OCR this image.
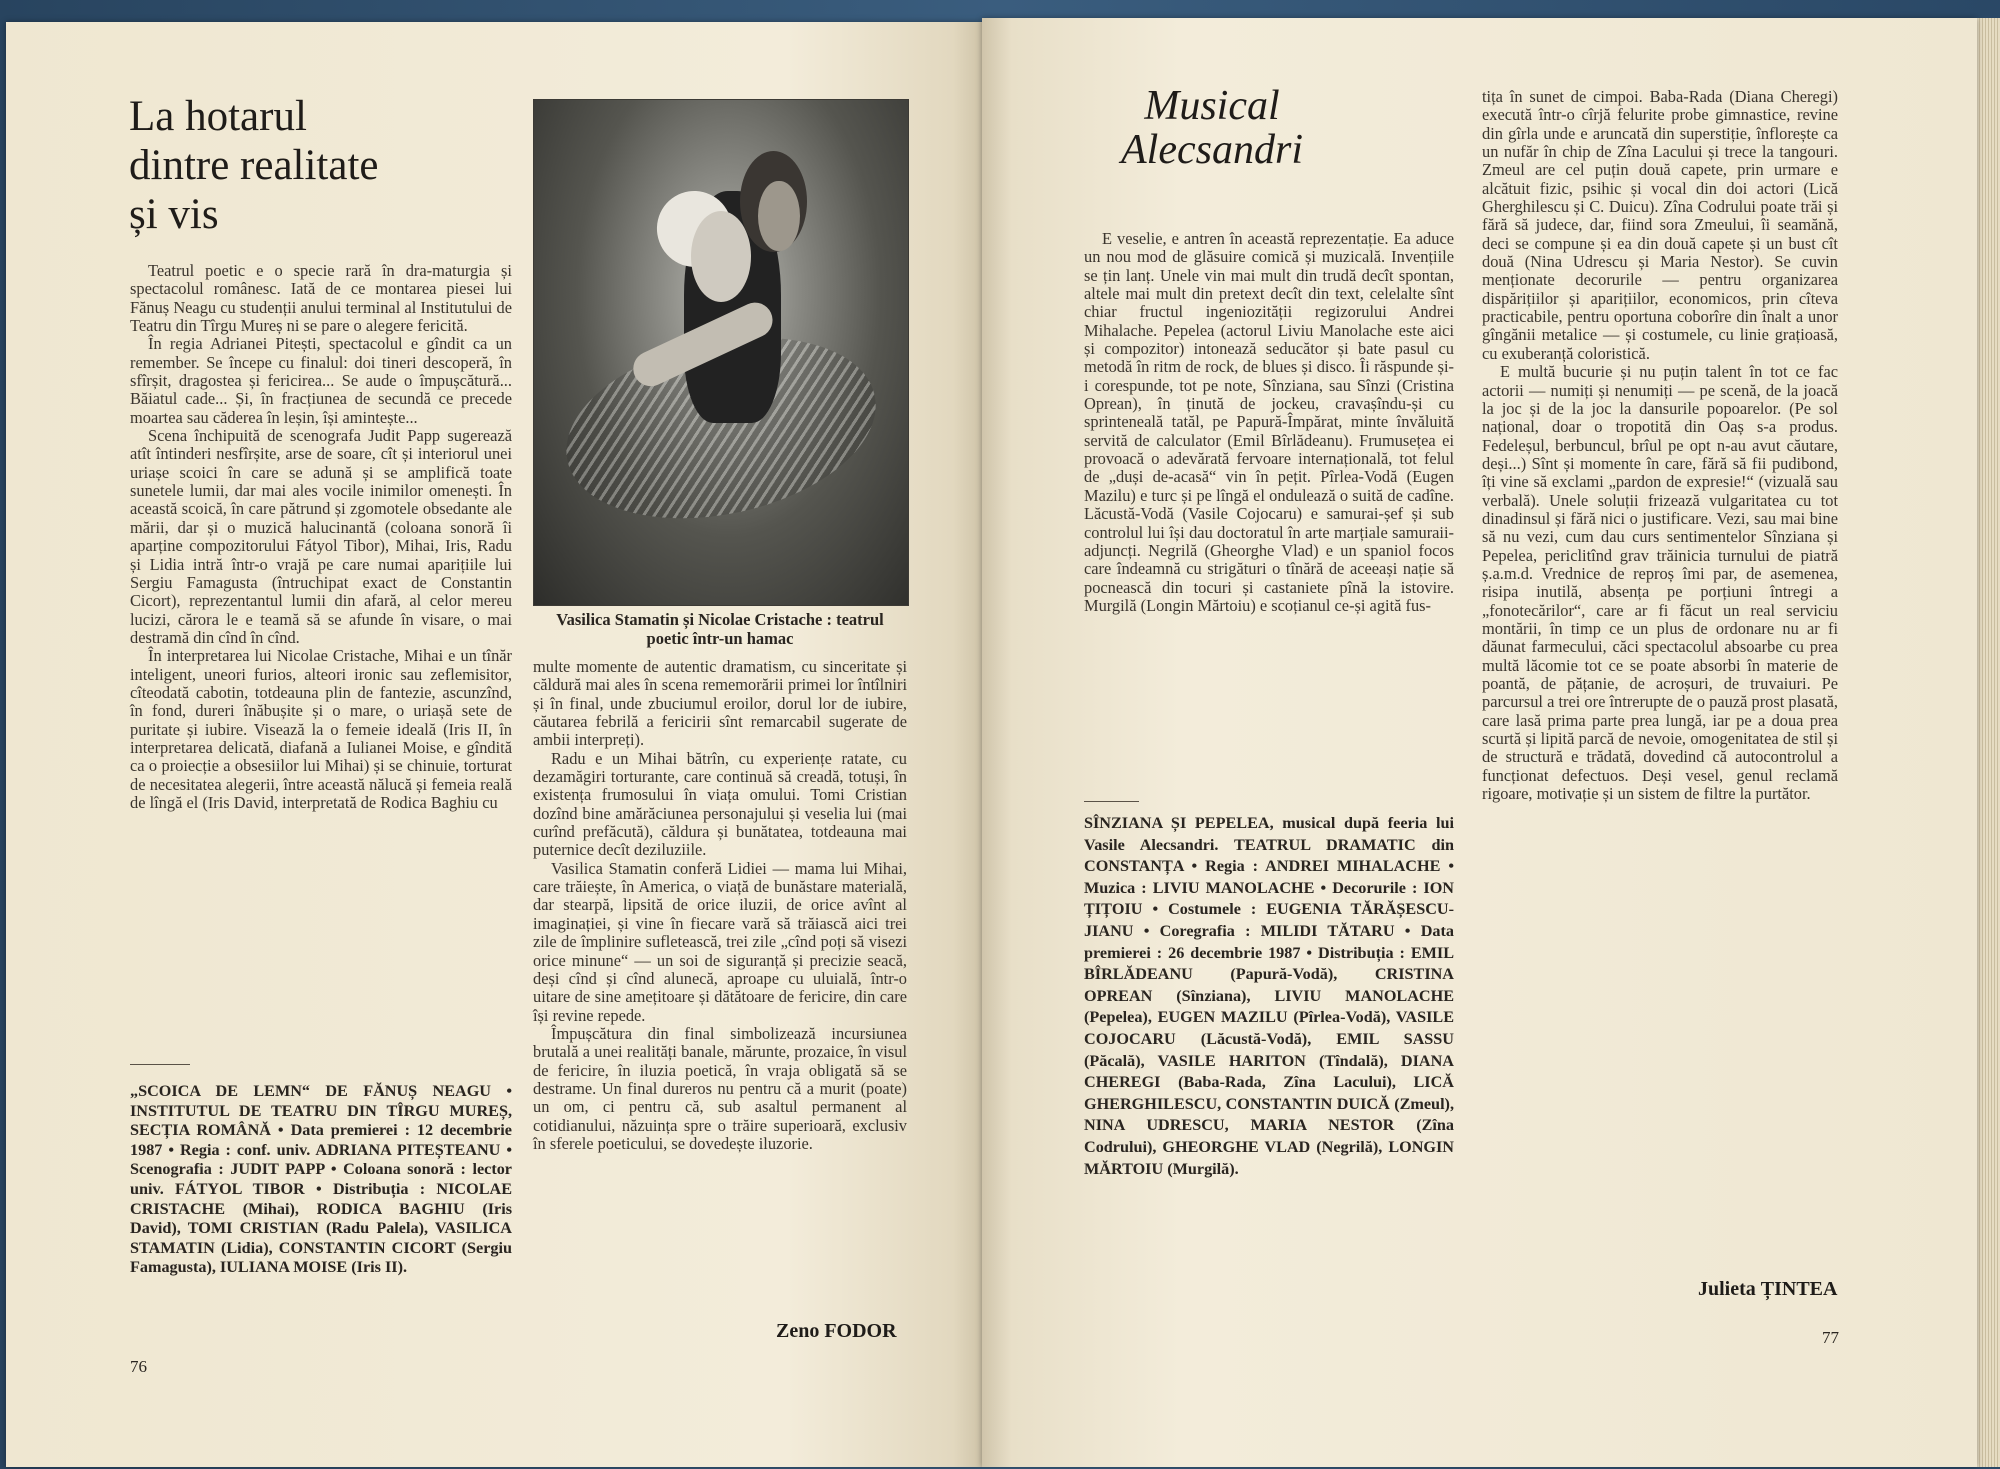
La hotarul
dintre realitate
și vis

Teatrul poetic e o specie rară în dra-maturgia și spectacolul românesc. Iată de ce montarea piesei lui Fănuș Neagu cu studenții anului terminal al Institutului de Teatru din Tîrgu Mureș ni se pare o alegere fericită.

În regia Adrianei Pitești, spectacolul e gîndit ca un remember. Se începe cu finalul: doi tineri descoperă, în sfîrșit, dragostea și fericirea... Se aude o împușcătură... Băiatul cade... Și, în fracțiunea de secundă ce precede moartea sau căderea în leșin, își amintește...

Scena închipuită de scenografa Judit Papp sugerează atît întinderi nesfîrșite, arse de soare, cît și interiorul unei uriașe scoici în care se adună și se amplifică toate sunetele lumii, dar mai ales vocile inimilor omenești. În această scoică, în care pătrund și zgomotele obsedante ale mării, dar și o muzică halucinantă (coloana sonoră îi aparține compozitorului Fátyol Tibor), Mihai, Iris, Radu și Lidia intră într-o vrajă pe care numai aparițiile lui Sergiu Famagusta (întruchipat exact de Constantin Cicort), reprezentantul lumii din afară, al celor mereu lucizi, cărora le e teamă să se afunde în visare, o mai destramă din cînd în cînd.

În interpretarea lui Nicolae Cristache, Mihai e un tînăr inteligent, uneori furios, alteori ironic sau zeflemisitor, cîteodată cabotin, totdeauna plin de fantezie, ascunzînd, în fond, dureri înăbușite și o mare, o uriașă sete de puritate și iubire. Visează la o femeie ideală (Iris II, în interpretarea delicată, diafană a Iulianei Moise, e gîndită ca o proiecție a obsesiilor lui Mihai) și se chinuie, torturat de necesitatea alegerii, între această nălucă și femeia reală de lîngă el (Iris David, interpretată de Rodica Baghiu cu

„SCOICA DE LEMN“ DE FĂNUȘ NEAGU • INSTITUTUL DE TEATRU DIN TÎRGU MUREȘ, SECȚIA ROMÂNĂ • Data premierei : 12 decembrie 1987 • Regia : conf. univ. ADRIANA PITEȘTEANU • Scenografia : JUDIT PAPP • Coloana sonoră : lector univ. FÁTYOL TIBOR • Distribuția : NICOLAE CRISTACHE (Mihai), RODICA BAGHIU (Iris David), TOMI CRISTIAN (Radu Palela), VASILICA STAMATIN (Lidia), CONSTANTIN CICORT (Sergiu Famagusta), IULIANA MOISE (Iris II).
76
Vasilica Stamatin și Nicolae Cristache : teatrul poetic într-un hamac

multe momente de autentic dramatism, cu sinceritate și căldură mai ales în scena rememorării primei lor întîlniri și în final, unde zbuciumul eroilor, dorul lor de iubire, căutarea febrilă a fericirii sînt remarcabil sugerate de ambii interpreți).

Radu e un Mihai bătrîn, cu experiențe ratate, cu dezamăgiri torturante, care continuă să creadă, totuși, în existența frumosului în viața omului. Tomi Cristian dozînd bine amărăciunea personajului și veselia lui (mai curînd prefăcută), căldura și bunătatea, totdeauna mai puternice decît deziluziile.

Vasilica Stamatin conferă Lidiei — mama lui Mihai, care trăiește, în America, o viață de bunăstare materială, dar stearpă, lipsită de orice iluzii, de orice avînt al imaginației, și vine în fiecare vară să trăiască aici trei zile de împlinire sufletească, trei zile „cînd poți să visezi orice minune“ — un soi de siguranță și precizie seacă, deși cînd și cînd alunecă, aproape cu uluială, într-o uitare de sine amețitoare și dătătoare de fericire, din care își revine repede.

Împușcătura din final simbolizează incursiunea brutală a unei realități banale, mărunte, prozaice, în visul de fericire, în iluzia poetică, în vraja obligată să se destrame. Un final dureros nu pentru că a murit (poate) un om, ci pentru că, sub asaltul permanent al cotidianului, năzuința spre o trăire superioară, exclusiv în sferele poeticului, se dovedește iluzorie.

Zeno FODOR
Musical
Alecsandri

E veselie, e antren în această reprezentație. Ea aduce un nou mod de glăsuire comică și muzicală. Invențiile se țin lanț. Unele vin mai mult din trudă decît spontan, altele mai mult din pretext decît din text, celelalte sînt chiar fructul ingeniozității regizorului Andrei Mihalache. Pepelea (actorul Liviu Manolache este aici și compozitor) intonează seducător și bate pasul cu metodă în ritm de rock, de blues și disco. Îi răspunde și-i corespunde, tot pe note, Sînziana, sau Sînzi (Cristina Oprean), în ținută de jockeu, cravașîndu-și cu sprinteneală tatăl, pe Papură-Împărat, minte învăluită servită de calculator (Emil Bîrlădeanu). Frumusețea ei provoacă o adevărată fervoare internațională, tot felul de „duși de-acasă“ vin în pețit. Pîrlea-Vodă (Eugen Mazilu) e turc și pe lîngă el ondulează o suită de cadîne. Lăcustă-Vodă (Vasile Cojocaru) e samurai-șef și sub controlul lui își dau doctoratul în arte marțiale samuraii-adjuncți. Negrilă (Gheorghe Vlad) e un spaniol focos care îndeamnă cu strigături o tînără de aceeași nație să pocnească din tocuri și castaniete pînă la istovire. Murgilă (Longin Mărtoiu) e scoțianul ce-și agită fus-

SÎNZIANA ȘI PEPELEA, musical după feeria lui Vasile Alecsandri. TEATRUL DRAMATIC din CONSTANȚA • Regia : ANDREI MIHALACHE • Muzica : LIVIU MANOLACHE • Decorurile : ION ȚIȚOIU • Costumele : EUGENIA TĂRĂȘESCU-JIANU • Coregrafia : MILIDI TĂTARU • Data premierei : 26 decembrie 1987 • Distribuția : EMIL BÎRLĂDEANU (Papură-Vodă), CRISTINA OPREAN (Sînziana), LIVIU MANOLACHE (Pepelea), EUGEN MAZILU (Pîrlea-Vodă), VASILE COJOCARU (Lăcustă-Vodă), EMIL SASSU (Păcală), VASILE HARITON (Tîndală), DIANA CHEREGI (Baba-Rada, Zîna Lacului), LICĂ GHERGHILESCU, CONSTANTIN DUICĂ (Zmeul), NINA UDRESCU, MARIA NESTOR (Zîna Codrului), GHEORGHE VLAD (Negrilă), LONGIN MĂRTOIU (Murgilă).

tița în sunet de cimpoi. Baba-Rada (Diana Cheregi) execută într-o cîrjă felurite probe gimnastice, revine din gîrla unde e aruncată din superstiție, înflorește ca un nufăr în chip de Zîna Lacului și trece la tangouri. Zmeul are cel puțin două capete, prin urmare e alcătuit fizic, psihic și vocal din doi actori (Lică Gherghilescu și C. Duicu). Zîna Codrului poate trăi și fără să judece, dar, fiind sora Zmeului, îi seamănă, deci se compune și ea din două capete și un bust cît două (Nina Udrescu și Maria Nestor). Se cuvin menționate decorurile — pentru organizarea dispărițiilor și aparițiilor, economicos, prin cîteva practicabile, pentru oportuna coborîre din înalt a unor gîngănii metalice — și costumele, cu linie grațioasă, cu exuberanță coloristică.

E multă bucurie și nu puțin talent în tot ce fac actorii — numiți și nenumiți — pe scenă, de la joacă la joc și de la joc la dansurile popoarelor. (Pe sol național, doar o tropotită din Oaș s-a produs. Fedeleșul, berbuncul, brîul pe opt n-au avut căutare, deși...) Sînt și momente în care, fără să fii pudibond, îți vine să exclami „pardon de expresie!“ (vizuală sau verbală). Unele soluții frizează vulgaritatea cu tot dinadinsul și fără nici o justificare. Vezi, sau mai bine să nu vezi, cum dau curs sentimentelor Sînziana și Pepelea, periclitînd grav trăinicia turnului de piatră ș.a.m.d. Vrednice de reproș îmi par, de asemenea, risipa inutilă, absența pe porțiuni întregi a „fonotecărilor“, care ar fi făcut un real serviciu montării, în timp ce un plus de ordonare nu ar fi dăunat farmecului, căci spectacolul absoarbe cu prea multă lăcomie tot ce se poate absorbi în materie de poantă, de pățanie, de acroșuri, de truvaiuri. Pe parcursul a trei ore întrerupte de o pauză prost plasată, care lasă prima parte prea lungă, iar pe a doua prea scurtă și lipită parcă de nevoie, omogenitatea de stil și de structură e trădată, dovedind că autocontrolul a funcționat defectuos. Deși vesel, genul reclamă rigoare, motivație și un sistem de filtre la purtător.

Julieta ȚINTEA
77
